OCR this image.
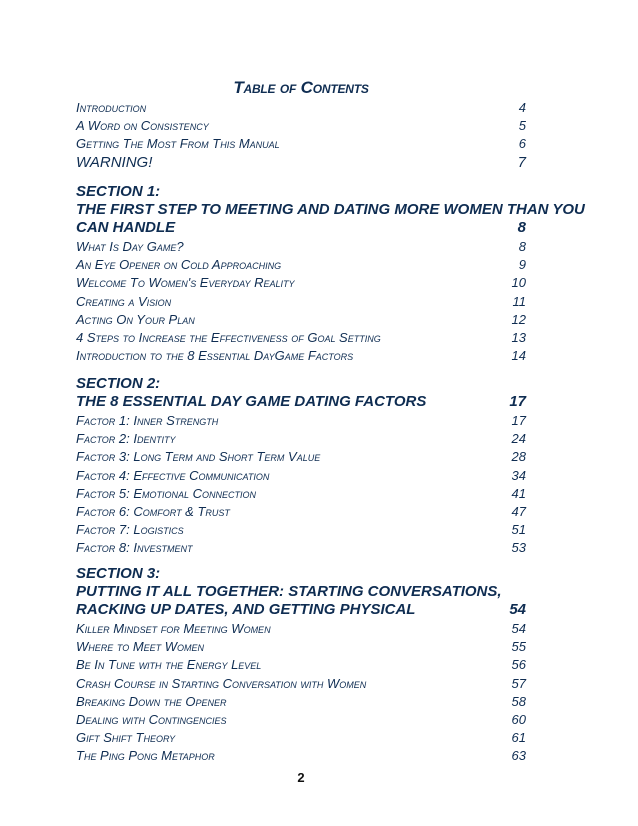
Table of Contents
Introduction	4
A Word on Consistency	5
Getting The Most From This Manual	6
WARNING!	7
SECTION 1:
THE FIRST STEP TO MEETING AND DATING MORE WOMEN THAN YOU
CAN HANDLE	8
What Is Day Game?	8
An Eye Opener on Cold Approaching	9
Welcome To Women's Everyday Reality	10
Creating a Vision	11
Acting On Your Plan	12
4 Steps to Increase the Effectiveness of Goal Setting	13
Introduction to the 8 Essential DayGame Factors	14
SECTION 2:
THE 8 ESSENTIAL DAY GAME DATING FACTORS	17
Factor 1: Inner Strength	17
Factor 2: Identity	24
Factor 3: Long Term and Short Term Value	28
Factor 4: Effective Communication	34
Factor 5: Emotional Connection	41
Factor 6: Comfort & Trust	47
Factor 7: Logistics	51
Factor 8: Investment	53
SECTION 3:
PUTTING IT ALL TOGETHER: STARTING CONVERSATIONS,
RACKING UP DATES, AND GETTING PHYSICAL	54
Killer Mindset for Meeting Women	54
Where to Meet Women	55
Be In Tune with the Energy Level	56
Crash Course in Starting Conversation with Women	57
Breaking Down the Opener	58
Dealing with Contingencies	60
Gift Shift Theory	61
The Ping Pong Metaphor	63
2
